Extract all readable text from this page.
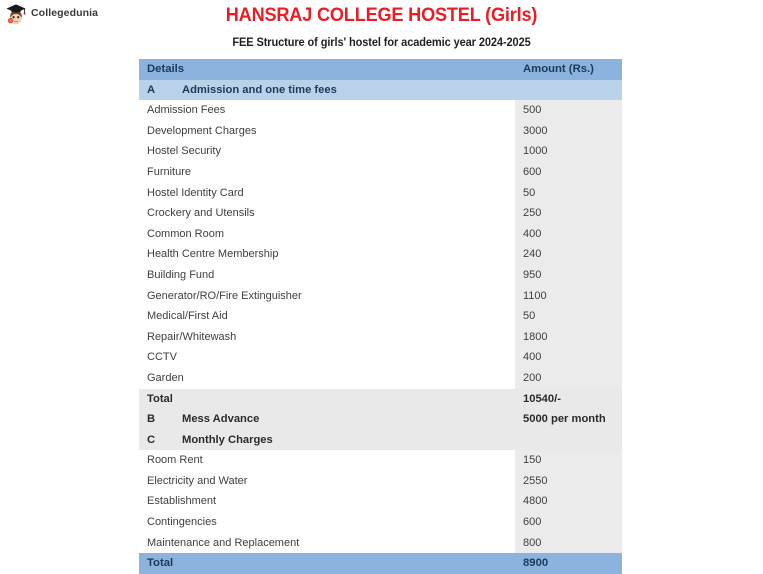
CD
Collegedunia	HANSRAJ COLLEGE HOSTEL (Girls)
FEE Structure of girls' hostel for academic year 2024-2025
Details	Amount (Rs.)
A Admission and one time fees	
Admission Fees	500
Development Charges	3000
Hostel Security	1000
Furniture	600
Hostel Identity Card	50
Crockery and Utensils	250
Common Room	400
Health Centre Membership	240
Building Fund	950
Generator/RO/Fire Extinguisher	1100
Medical/First Aid	50
Repair/Whitewash	1800
CCTV	400
Garden	200
Total	10540/-
B Mess Advance	5000 per month
C Monthly Charges	
Room Rent	150
Electricity and Water	2550
Establishment	4800
Contingencies	600
Maintenance and Replacement	800
Total	8900
